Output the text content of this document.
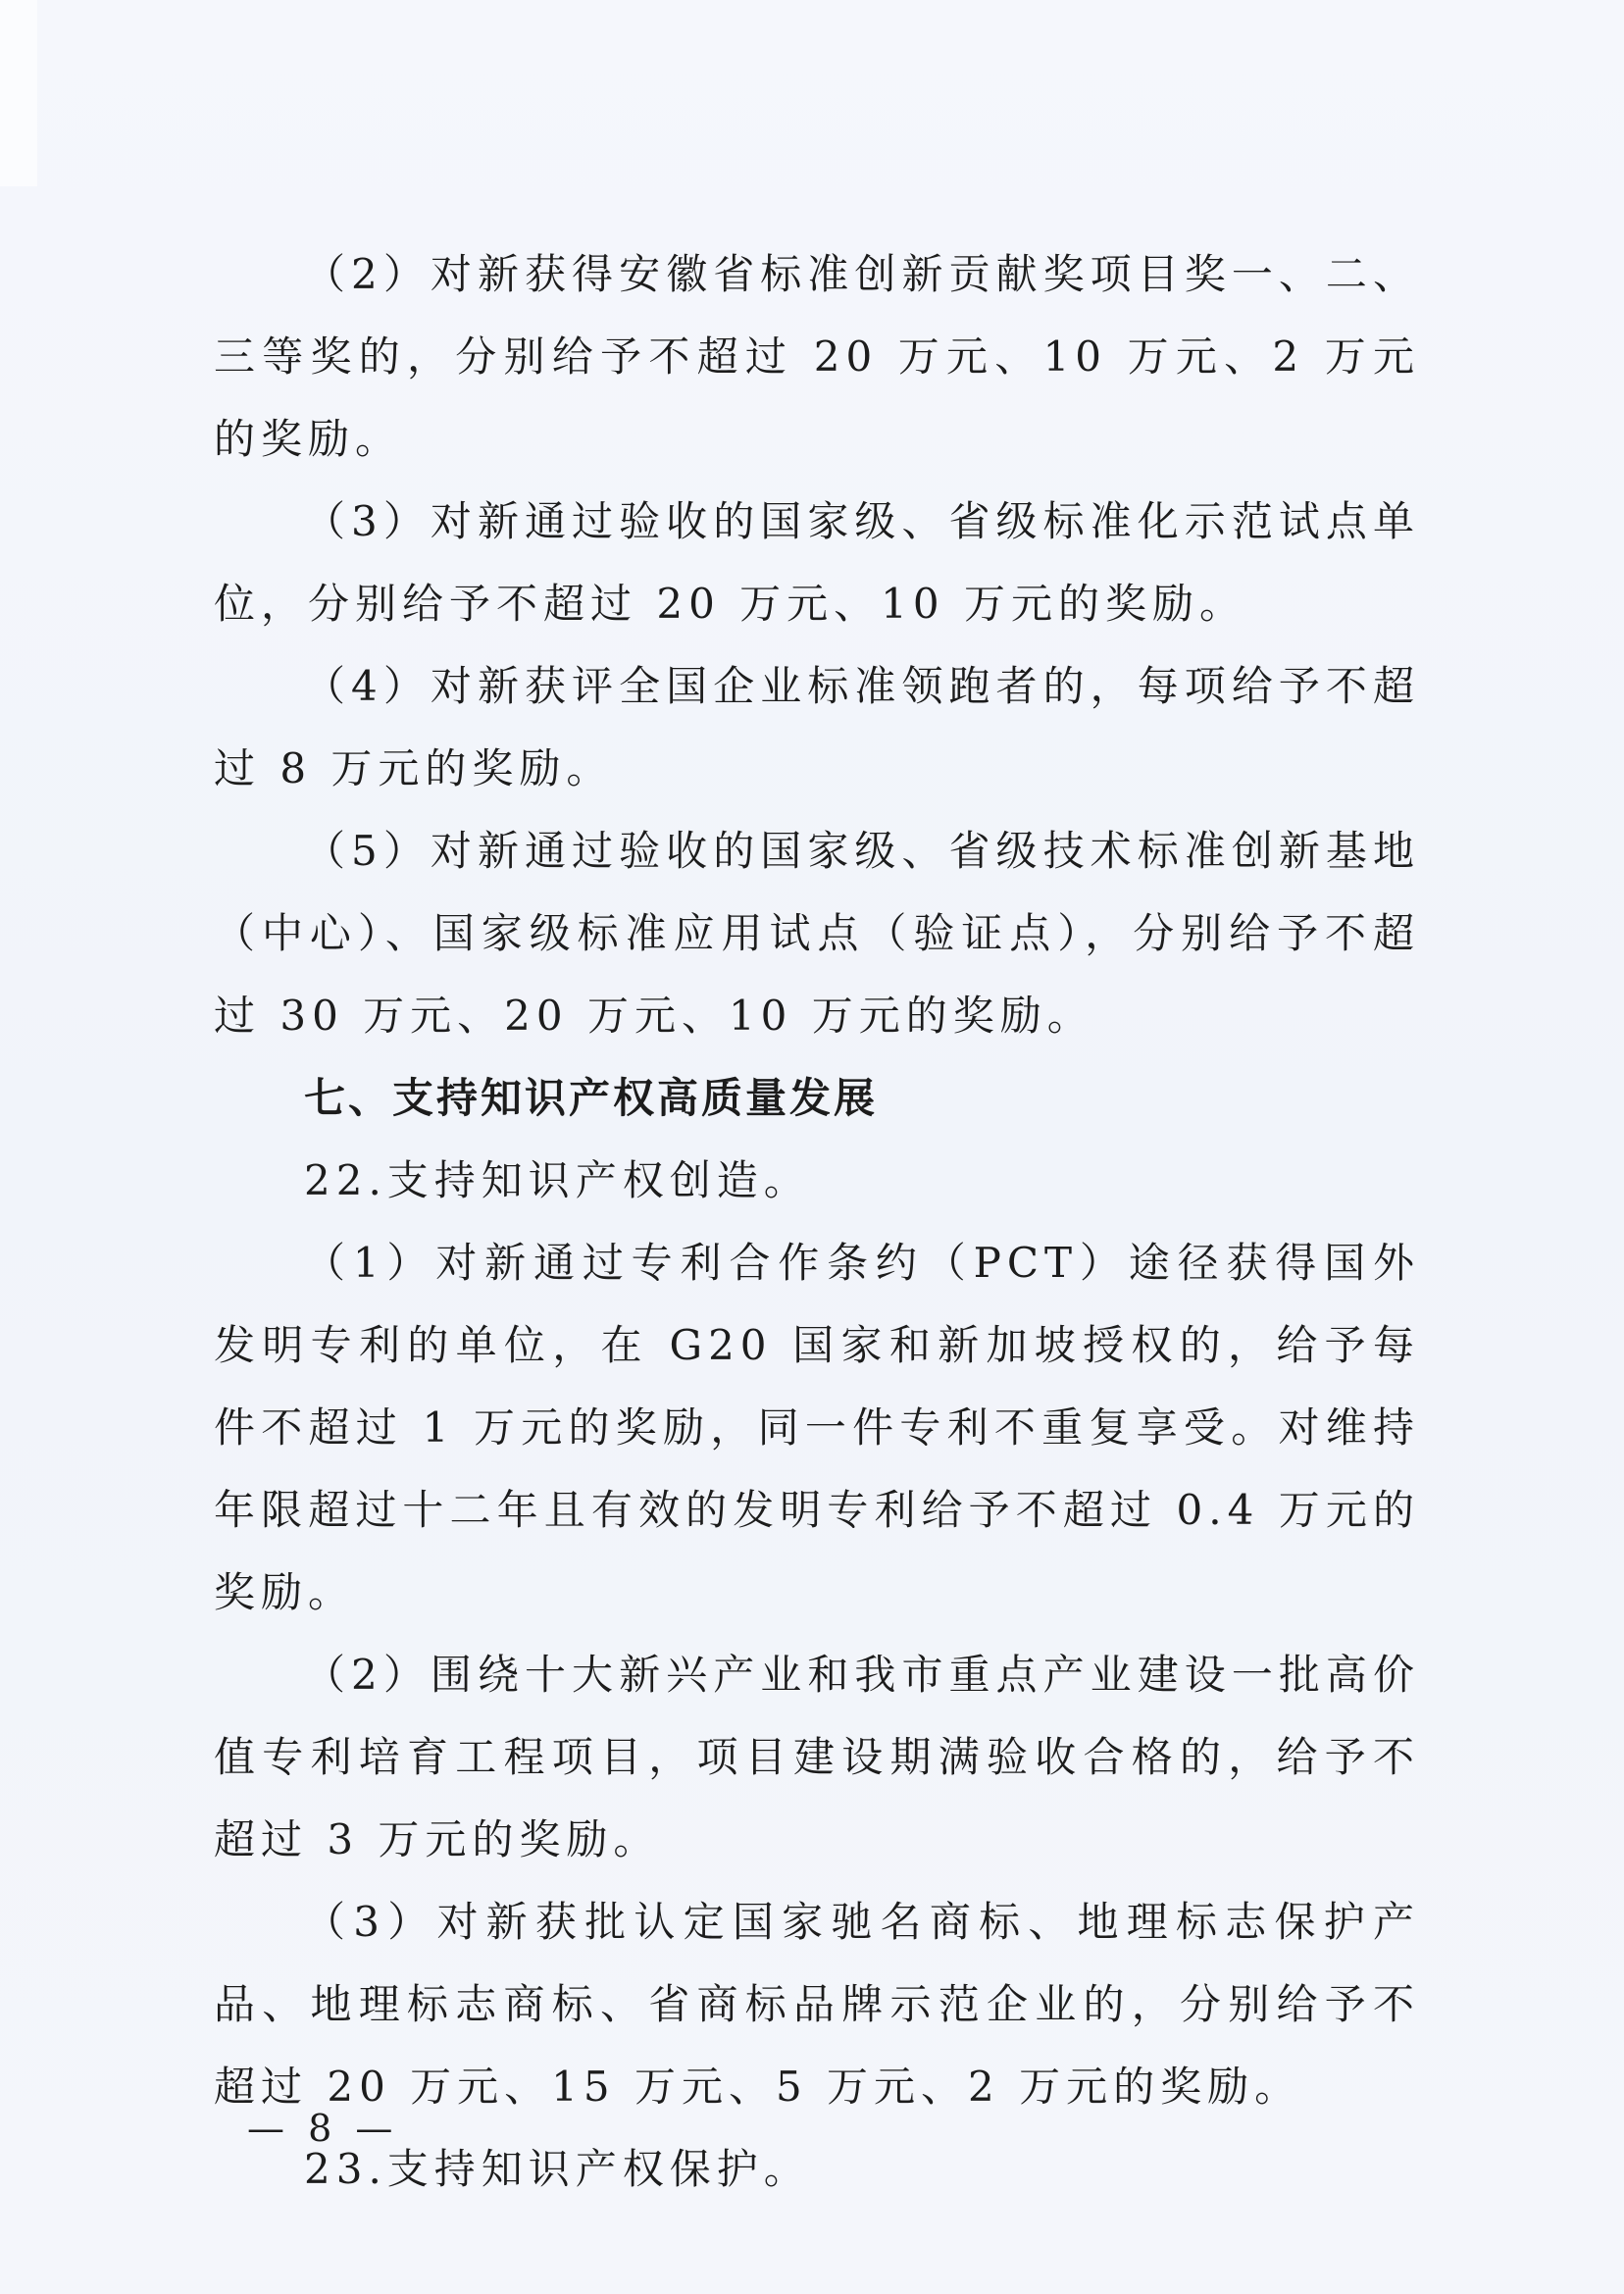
（2）对新获得安徽省标准创新贡献奖项目奖一、二、三等奖的，分别给予不超过 20 万元、10 万元、2 万元的奖励。

（3）对新通过验收的国家级、省级标准化示范试点单位，分别给予不超过 20 万元、10 万元的奖励。

（4）对新获评全国企业标准领跑者的，每项给予不超过 8 万元的奖励。

（5）对新通过验收的国家级、省级技术标准创新基地（中心）、国家级标准应用试点（验证点），分别给予不超过 30 万元、20 万元、10 万元的奖励。

七、支持知识产权高质量发展

22.支持知识产权创造。

（1）对新通过专利合作条约（PCT）途径获得国外发明专利的单位，在 G20 国家和新加坡授权的，给予每件不超过 1 万元的奖励，同一件专利不重复享受。对维持年限超过十二年且有效的发明专利给予不超过 0.4 万元的奖励。

（2）围绕十大新兴产业和我市重点产业建设一批高价值专利培育工程项目，项目建设期满验收合格的，给予不超过 3 万元的奖励。

（3）对新获批认定国家驰名商标、地理标志保护产品、地理标志商标、省商标品牌示范企业的，分别给予不超过 20 万元、15 万元、5 万元、2 万元的奖励。

23.支持知识产权保护。

— 8 —
